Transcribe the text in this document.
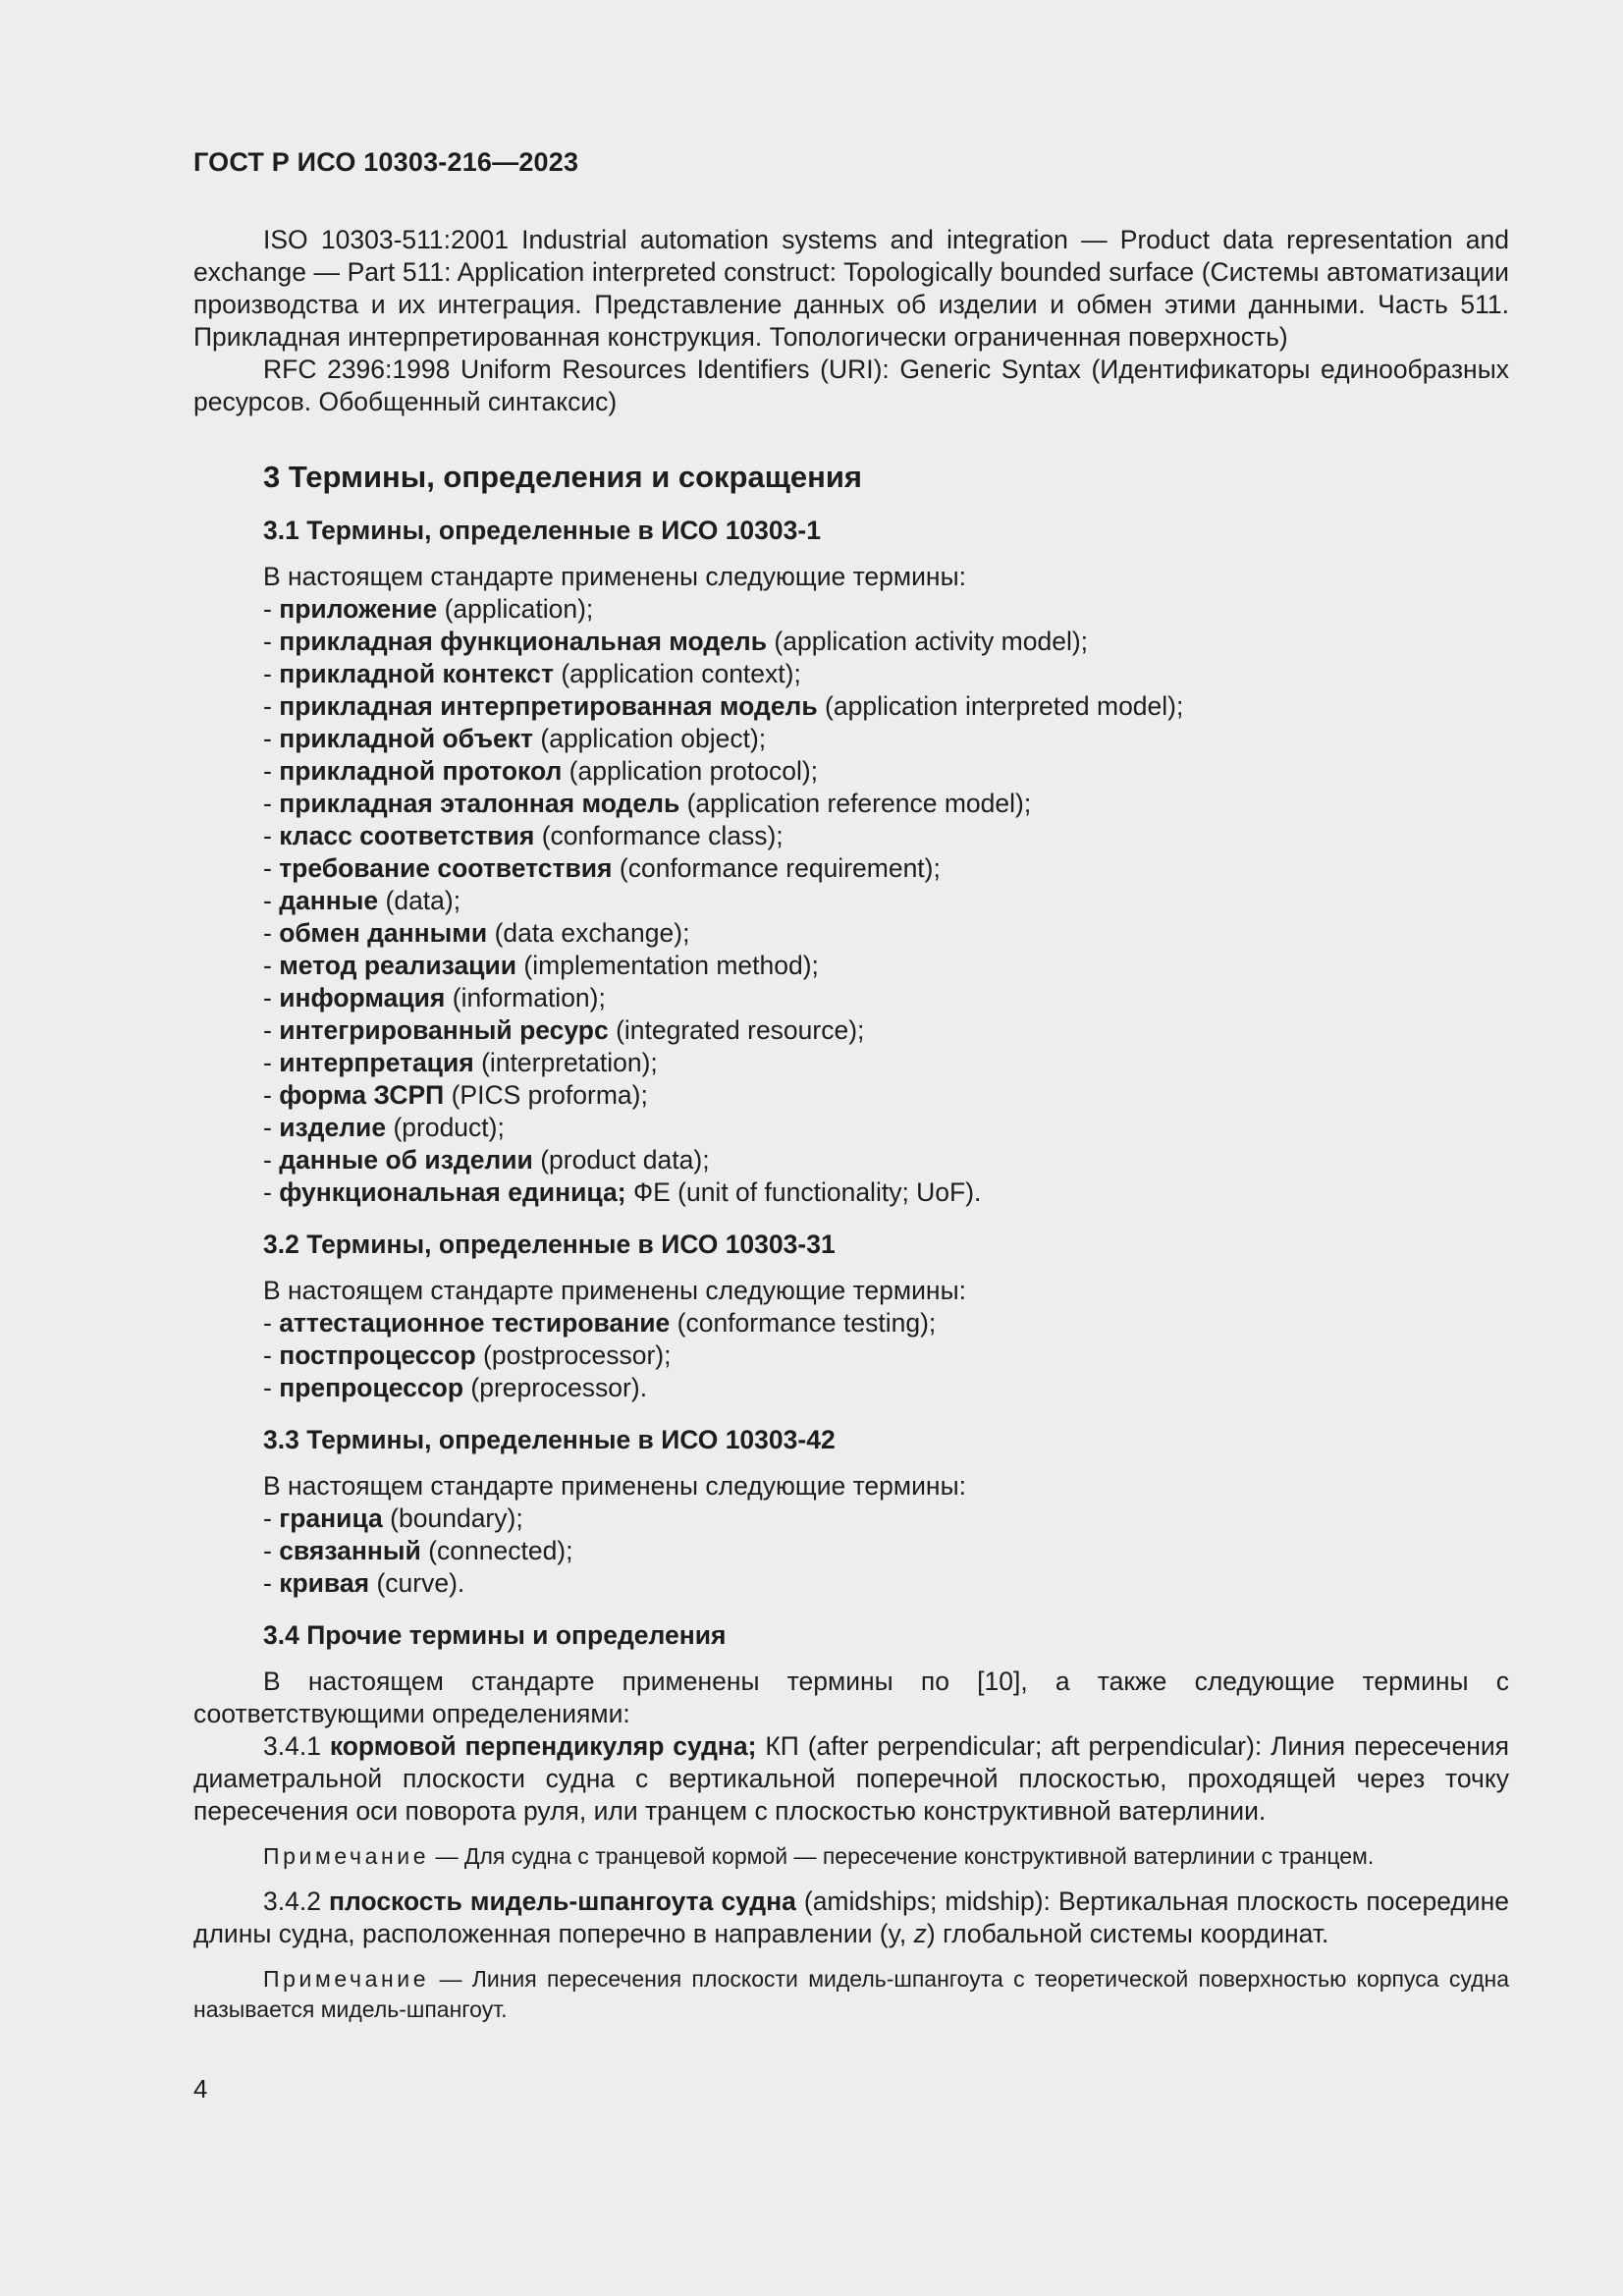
ГОСТ Р ИСО 10303-216—2023

ISO 10303-511:2001 Industrial automation systems and integration — Product data representation and exchange — Part 511: Application interpreted construct: Topologically bounded surface (Системы автоматизации производства и их интеграция. Представление данных об изделии и обмен этими данными. Часть 511. Прикладная интерпретированная конструкция. Топологически ограниченная поверхность)

RFC 2396:1998 Uniform Resources Identifiers (URI): Generic Syntax (Идентификаторы единообразных ресурсов. Обобщенный синтаксис)

3 Термины, определения и сокращения

3.1 Термины, определенные в ИСО 10303-1

В настоящем стандарте применены следующие термины:

- приложение (application);
- прикладная функциональная модель (application activity model);
- прикладной контекст (application context);
- прикладная интерпретированная модель (application interpreted model);
- прикладной объект (application object);
- прикладной протокол (application protocol);
- прикладная эталонная модель (application reference model);
- класс соответствия (conformance class);
- требование соответствия (conformance requirement);
- данные (data);
- обмен данными (data exchange);
- метод реализации (implementation method);
- информация (information);
- интегрированный ресурс (integrated resource);
- интерпретация (interpretation);
- форма ЗСРП (PICS proforma);
- изделие (product);
- данные об изделии (product data);
- функциональная единица; ФЕ (unit of functionality; UoF).

3.2 Термины, определенные в ИСО 10303-31

В настоящем стандарте применены следующие термины:

- аттестационное тестирование (conformance testing);
- постпроцессор (postprocessor);
- препроцессор (preprocessor).

3.3 Термины, определенные в ИСО 10303-42

В настоящем стандарте применены следующие термины:

- граница (boundary);
- связанный (connected);
- кривая (curve).

3.4 Прочие термины и определения

В настоящем стандарте применены термины по [10], а также следующие термины с соответствующими определениями:

3.4.1 кормовой перпендикуляр судна; КП (after perpendicular; aft perpendicular): Линия пересечения диаметральной плоскости судна с вертикальной поперечной плоскостью, проходящей через точку пересечения оси поворота руля, или транцем с плоскостью конструктивной ватерлинии.

Примечание — Для судна с транцевой кормой — пересечение конструктивной ватерлинии с транцем.

3.4.2 плоскость мидель-шпангоута судна (amidships; midship): Вертикальная плоскость посередине длины судна, расположенная поперечно в направлении (y, z) глобальной системы координат.

Примечание — Линия пересечения плоскости мидель-шпангоута с теоретической поверхностью корпуса судна называется мидель-шпангоут.

4
